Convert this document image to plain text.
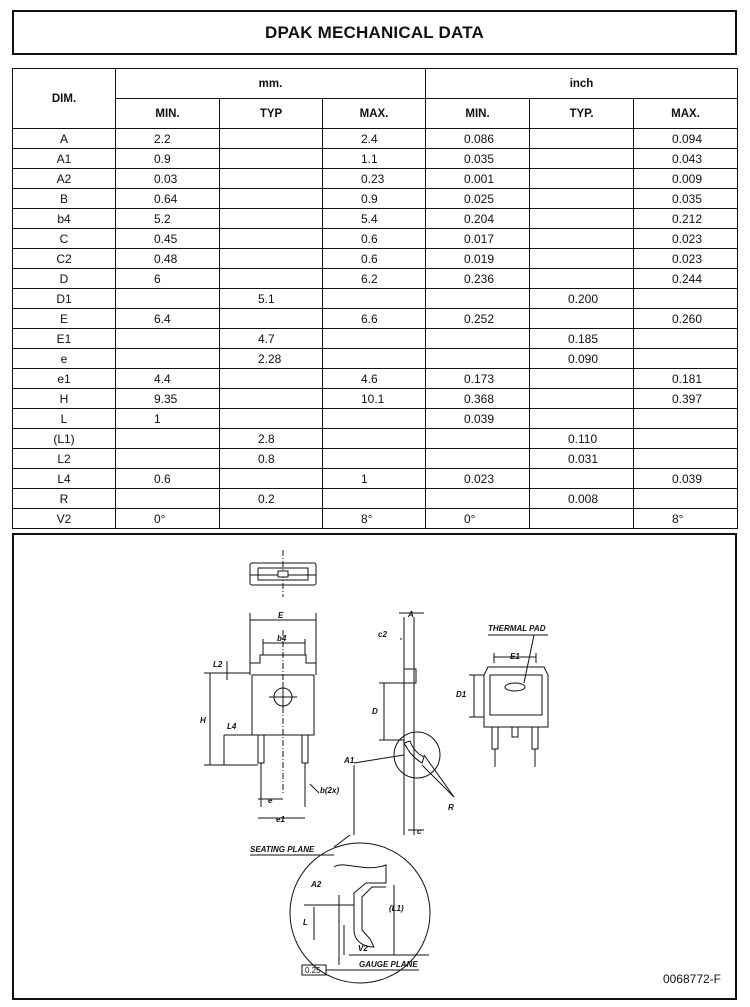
DPAK MECHANICAL DATA
DIM.	mm.			inch		
	MIN.	TYP	MAX.	MIN.	TYP.	MAX.
A	2.2		2.4	0.086		0.094
A1	0.9		1.1	0.035		0.043
A2	0.03		0.23	0.001		0.009
B	0.64		0.9	0.025		0.035
b4	5.2		5.4	0.204		0.212
C	0.45		0.6	0.017		0.023
C2	0.48		0.6	0.019		0.023
D	6		6.2	0.236		0.244
D1		5.1			0.200	
E	6.4		6.6	0.252		0.260
E1		4.7			0.185	
e		2.28			0.090	
e1	4.4		4.6	0.173		0.181
H	9.35		10.1	0.368		0.397
L	1			0.039		
(L1)		2.8			0.110	
L2		0.8			0.031	
L4	0.6		1	0.023		0.039
R		0.2			0.008	
V2	0°		8°	0°		8°
E
b4
L2
H
L4
e
e1
b(2x)
A
c2
D
A1
R
c
THERMAL PAD
E1
D1
SEATING PLANE
A2
(L1)
L
V2
0.25
GAUGE PLANE
0068772-F
